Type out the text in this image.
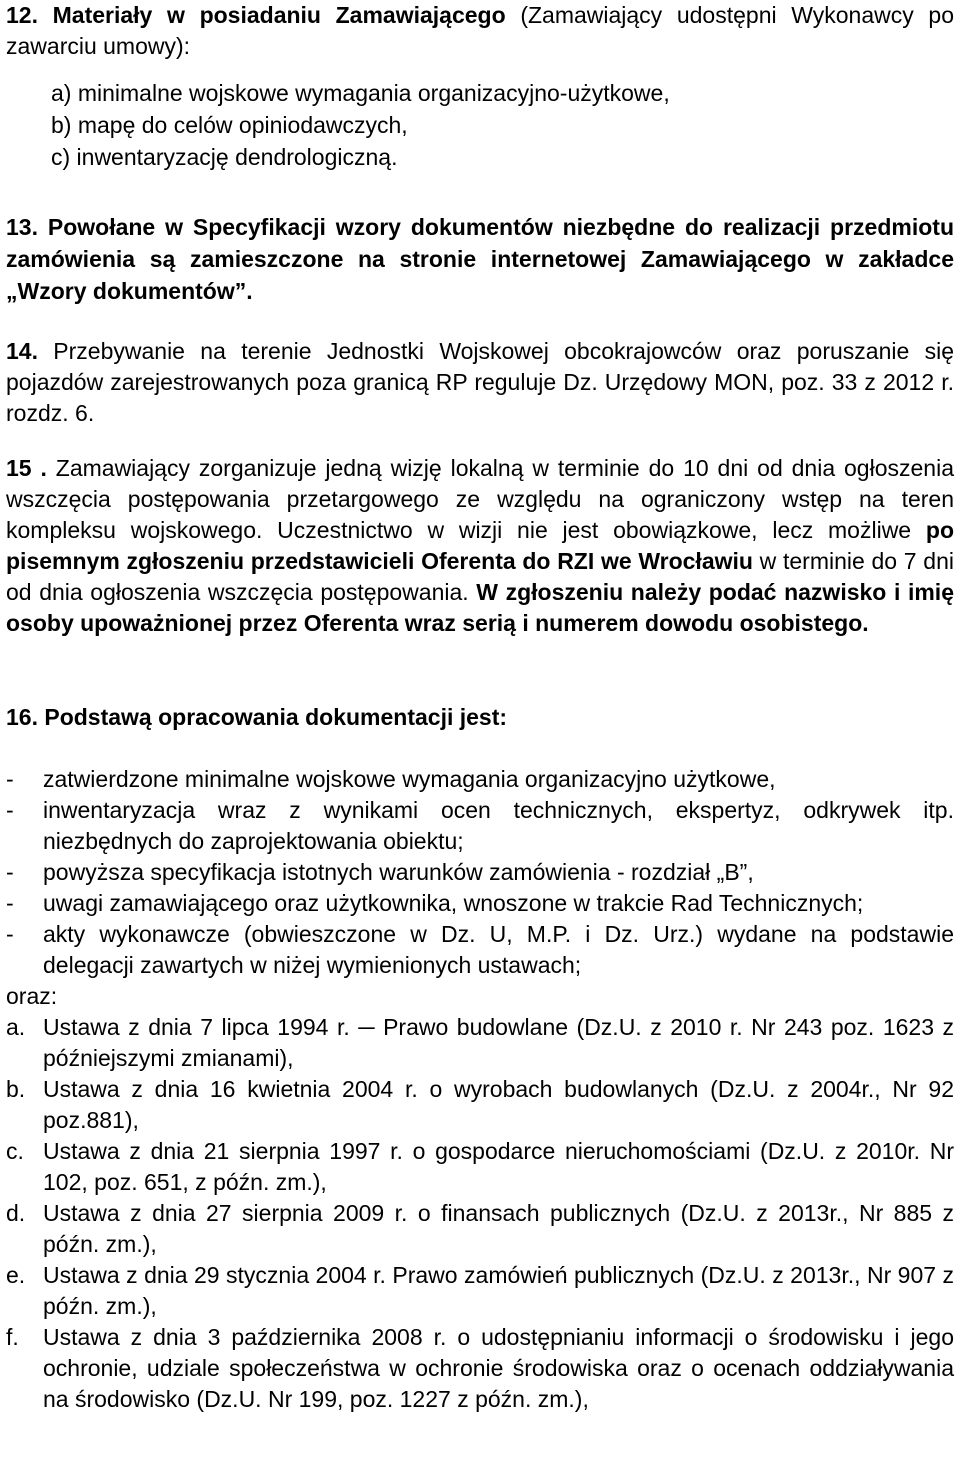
12. Materiały w posiadaniu Zamawiającego (Zamawiający udostępni Wykonawcy po zawarciu umowy):

a) minimalne wojskowe wymagania organizacyjno-użytkowe,
b) mapę do celów opiniodawczych,
c) inwentaryzację dendrologiczną.

13. Powołane w Specyfikacji wzory dokumentów niezbędne do realizacji przedmiotu zamówienia są zamieszczone na stronie internetowej Zamawiającego w zakładce „Wzory dokumentów”.

14. Przebywanie na terenie Jednostki Wojskowej obcokrajowców oraz poruszanie się pojazdów zarejestrowanych poza granicą RP reguluje Dz. Urzędowy MON, poz. 33 z 2012 r. rozdz. 6.

15 . Zamawiający zorganizuje jedną wizję lokalną w terminie do 10 dni od dnia ogłoszenia wszczęcia postępowania przetargowego ze względu na ograniczony wstęp na teren kompleksu wojskowego. Uczestnictwo w wizji nie jest obowiązkowe, lecz możliwe po pisemnym zgłoszeniu przedstawicieli Oferenta do RZI we Wrocławiu w terminie do 7 dni od dnia ogłoszenia wszczęcia postępowania. W zgłoszeniu należy podać nazwisko i imię osoby upoważnionej przez Oferenta wraz serią i numerem dowodu osobistego.

16. Podstawą opracowania dokumentacji jest:
- zatwierdzone minimalne wojskowe wymagania organizacyjno użytkowe,
- inwentaryzacja wraz z wynikami ocen technicznych, ekspertyz, odkrywek itp. niezbędnych do zaprojektowania obiektu;
- powyższa specyfikacja istotnych warunków zamówienia - rozdział „B”,
- uwagi zamawiającego oraz użytkownika, wnoszone w trakcie Rad Technicznych;
- akty wykonawcze (obwieszczone w Dz. U, M.P. i Dz. Urz.) wydane na podstawie delegacji zawartych w niżej wymienionych ustawach;
oraz:
a. Ustawa z dnia 7 lipca 1994 r. ─ Prawo budowlane (Dz.U. z 2010 r. Nr 243 poz. 1623 z późniejszymi zmianami),
b. Ustawa z dnia 16 kwietnia 2004 r. o wyrobach budowlanych (Dz.U. z 2004r., Nr 92 poz.881),
c. Ustawa z dnia 21 sierpnia 1997 r. o gospodarce nieruchomościami (Dz.U. z 2010r. Nr 102, poz. 651, z późn. zm.),
d. Ustawa z dnia 27 sierpnia 2009 r. o finansach publicznych (Dz.U. z 2013r., Nr 885 z późn. zm.),
e. Ustawa z dnia 29 stycznia 2004 r. Prawo zamówień publicznych (Dz.U. z 2013r., Nr 907 z późn. zm.),
f. Ustawa z dnia 3 października 2008 r. o udostępnianiu informacji o środowisku i jego ochronie, udziale społeczeństwa w ochronie środowiska oraz o ocenach oddziaływania na środowisko (Dz.U. Nr 199, poz. 1227 z późn. zm.),
